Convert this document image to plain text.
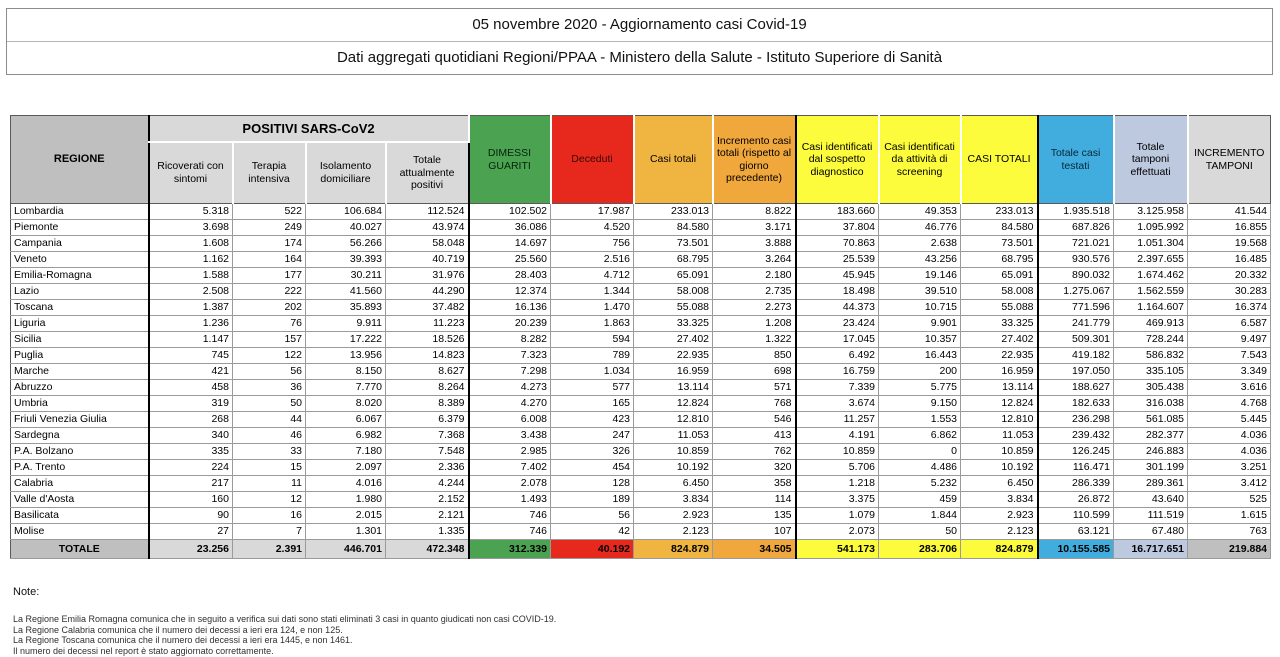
05 novembre 2020 - Aggiornamento casi Covid-19
Dati aggregati quotidiani Regioni/PPAA - Ministero della Salute - Istituto Superiore di Sanità
REGIONE	POSITIVI SARS-CoV2				DIMESSI GUARITI	Deceduti	Casi totali	Incremento casi totali (rispetto al giorno precedente)	Casi identificati dal sospetto diagnostico	Casi identificati da attività di screening	CASI TOTALI	Totale casi testati	Totale tamponi effettuati	INCREMENTO TAMPONI
	Ricoverati con sintomi	Terapia intensiva	Isolamento domiciliare	Totale attualmente positivi										
Lombardia	5.318	522	106.684	112.524	102.502	17.987	233.013	8.822	183.660	49.353	233.013	1.935.518	3.125.958	41.544
Piemonte	3.698	249	40.027	43.974	36.086	4.520	84.580	3.171	37.804	46.776	84.580	687.826	1.095.992	16.855
Campania	1.608	174	56.266	58.048	14.697	756	73.501	3.888	70.863	2.638	73.501	721.021	1.051.304	19.568
Veneto	1.162	164	39.393	40.719	25.560	2.516	68.795	3.264	25.539	43.256	68.795	930.576	2.397.655	16.485
Emilia-Romagna	1.588	177	30.211	31.976	28.403	4.712	65.091	2.180	45.945	19.146	65.091	890.032	1.674.462	20.332
Lazio	2.508	222	41.560	44.290	12.374	1.344	58.008	2.735	18.498	39.510	58.008	1.275.067	1.562.559	30.283
Toscana	1.387	202	35.893	37.482	16.136	1.470	55.088	2.273	44.373	10.715	55.088	771.596	1.164.607	16.374
Liguria	1.236	76	9.911	11.223	20.239	1.863	33.325	1.208	23.424	9.901	33.325	241.779	469.913	6.587
Sicilia	1.147	157	17.222	18.526	8.282	594	27.402	1.322	17.045	10.357	27.402	509.301	728.244	9.497
Puglia	745	122	13.956	14.823	7.323	789	22.935	850	6.492	16.443	22.935	419.182	586.832	7.543
Marche	421	56	8.150	8.627	7.298	1.034	16.959	698	16.759	200	16.959	197.050	335.105	3.349
Abruzzo	458	36	7.770	8.264	4.273	577	13.114	571	7.339	5.775	13.114	188.627	305.438	3.616
Umbria	319	50	8.020	8.389	4.270	165	12.824	768	3.674	9.150	12.824	182.633	316.038	4.768
Friuli Venezia Giulia	268	44	6.067	6.379	6.008	423	12.810	546	11.257	1.553	12.810	236.298	561.085	5.445
Sardegna	340	46	6.982	7.368	3.438	247	11.053	413	4.191	6.862	11.053	239.432	282.377	4.036
P.A. Bolzano	335	33	7.180	7.548	2.985	326	10.859	762	10.859	0	10.859	126.245	246.883	4.036
P.A. Trento	224	15	2.097	2.336	7.402	454	10.192	320	5.706	4.486	10.192	116.471	301.199	3.251
Calabria	217	11	4.016	4.244	2.078	128	6.450	358	1.218	5.232	6.450	286.339	289.361	3.412
Valle d'Aosta	160	12	1.980	2.152	1.493	189	3.834	114	3.375	459	3.834	26.872	43.640	525
Basilicata	90	16	2.015	2.121	746	56	2.923	135	1.079	1.844	2.923	110.599	111.519	1.615
Molise	27	7	1.301	1.335	746	42	2.123	107	2.073	50	2.123	63.121	67.480	763
TOTALE	23.256	2.391	446.701	472.348	312.339	40.192	824.879	34.505	541.173	283.706	824.879	10.155.585	16.717.651	219.884
Note:
La Regione Emilia Romagna comunica che in seguito a verifica sui dati sono stati eliminati 3 casi in quanto giudicati non casi COVID-19.
La Regione Calabria comunica che il numero dei decessi a ieri era 124, e non 125.
La Regione Toscana comunica che il numero dei decessi a ieri era 1445, e non 1461.
Il numero dei decessi nel report è stato aggiornato correttamente.
